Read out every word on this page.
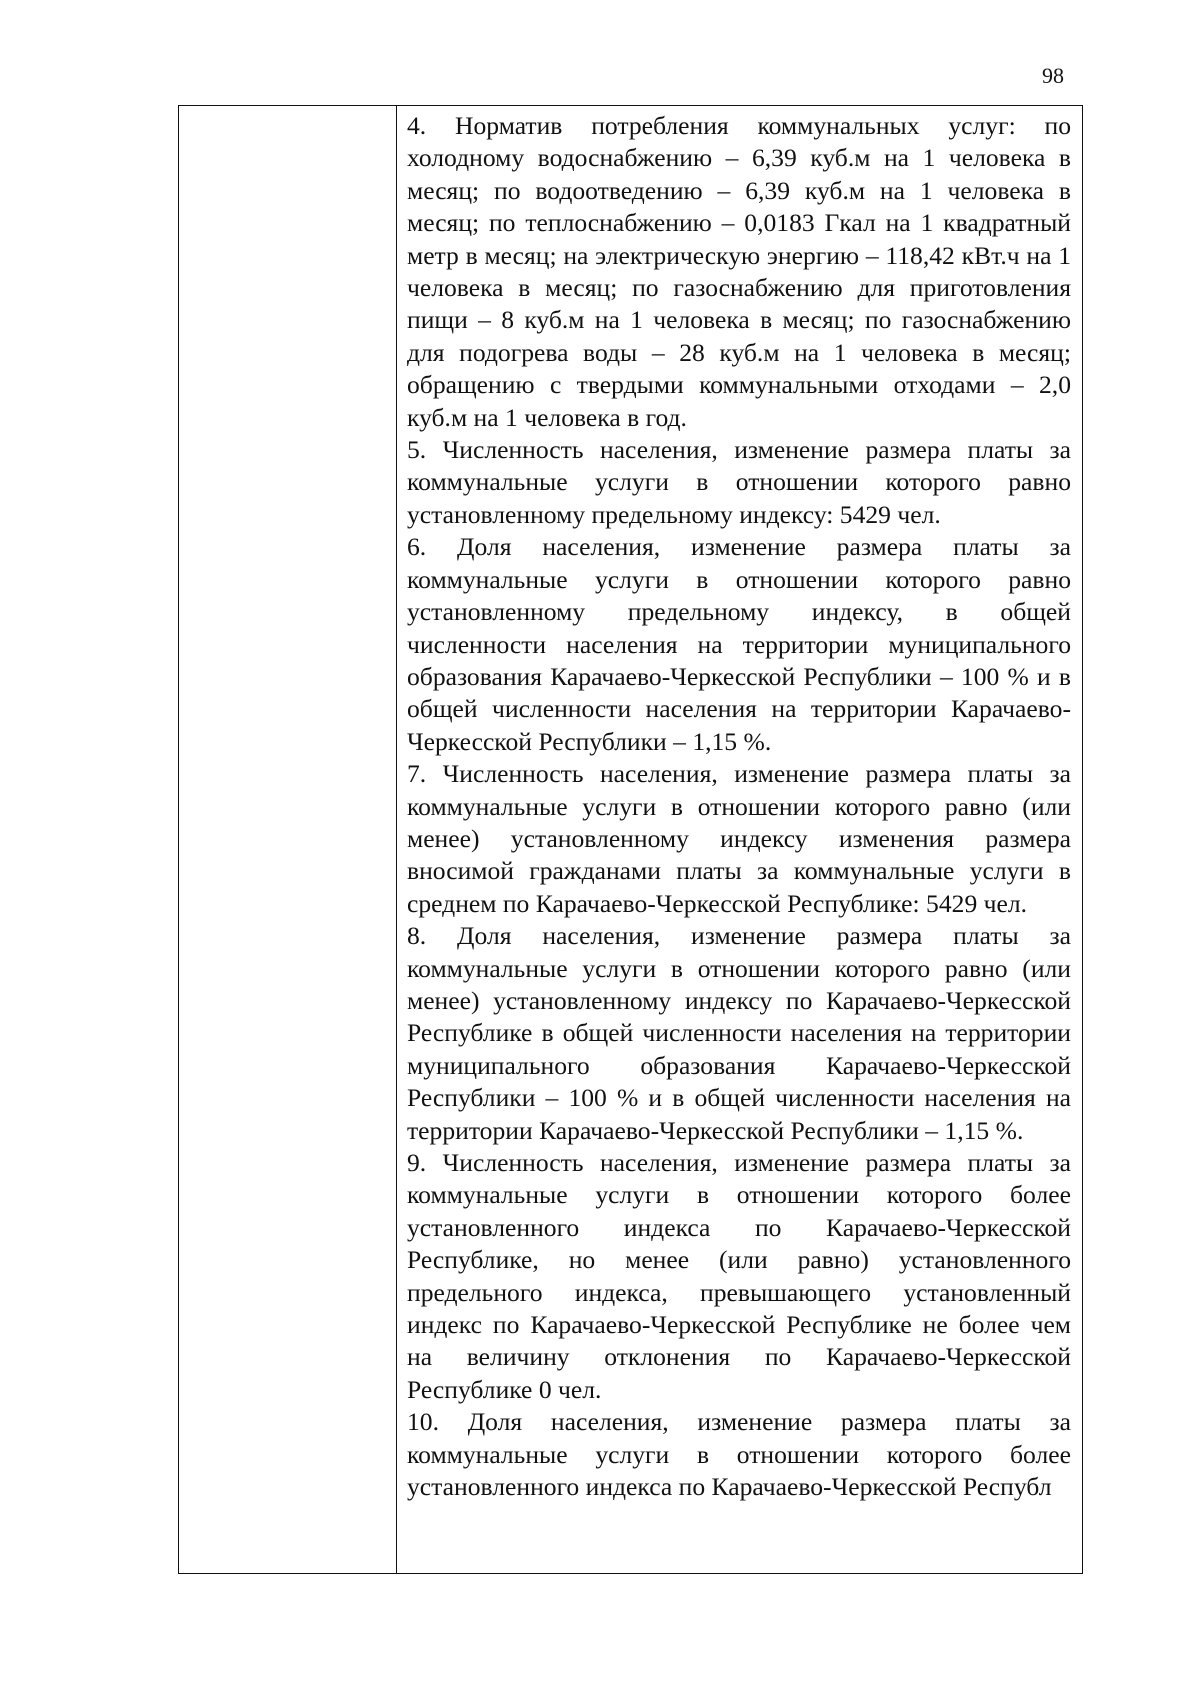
98

4. Норматив потребления коммунальных услуг: по холодному водоснабжению – 6,39 куб.м на 1 человека в месяц; по водоотведению – 6,39 куб.м на 1 человека в месяц; по теплоснабжению – 0,0183 Гкал на 1 квадратный метр в месяц; на электрическую энергию – 118,42 кВт.ч на 1 человека в месяц; по газоснабжению для приготовления пищи – 8 куб.м на 1 человека в месяц; по газоснабжению для подогрева воды – 28 куб.м на 1 человека в месяц; обращению с твердыми коммунальными отходами – 2,0 куб.м на 1 человека в год.

5. Численность населения, изменение размера платы за коммунальные услуги в отношении которого равно установленному предельному индексу: 5429 чел.

6. Доля населения, изменение размера платы за коммунальные услуги в отношении которого равно установленному предельному индексу, в общей численности населения на территории муниципального образования Карачаево-Черкесской Республики – 100 % и в общей численности населения на территории Карачаево-Черкесской Республики – 1,15 %.

7. Численность населения, изменение размера платы за коммунальные услуги в отношении которого равно (или менее) установленному индексу изменения размера вносимой гражданами платы за коммунальные услуги в среднем по Карачаево-Черкесской Республике: 5429 чел.

8. Доля населения, изменение размера платы за коммунальные услуги в отношении которого равно (или менее) установленному индексу по Карачаево-Черкесской Республике в общей численности населения на территории муниципального образования Карачаево-Черкесской Республики – 100 % и в общей численности населения на территории Карачаево-Черкесской Республики – 1,15 %.

9. Численность населения, изменение размера платы за коммунальные услуги в отношении которого более установленного индекса по Карачаево-Черкесской Республике, но менее (или равно) установленного предельного индекса, превышающего установленный индекс по Карачаево-Черкесской Республике не более чем на величину отклонения по Карачаево-Черкесской Республике 0 чел.

10. Доля населения, изменение размера платы за коммунальные услуги в отношении которого более установленного индекса по Карачаево-Черкесской Республ
